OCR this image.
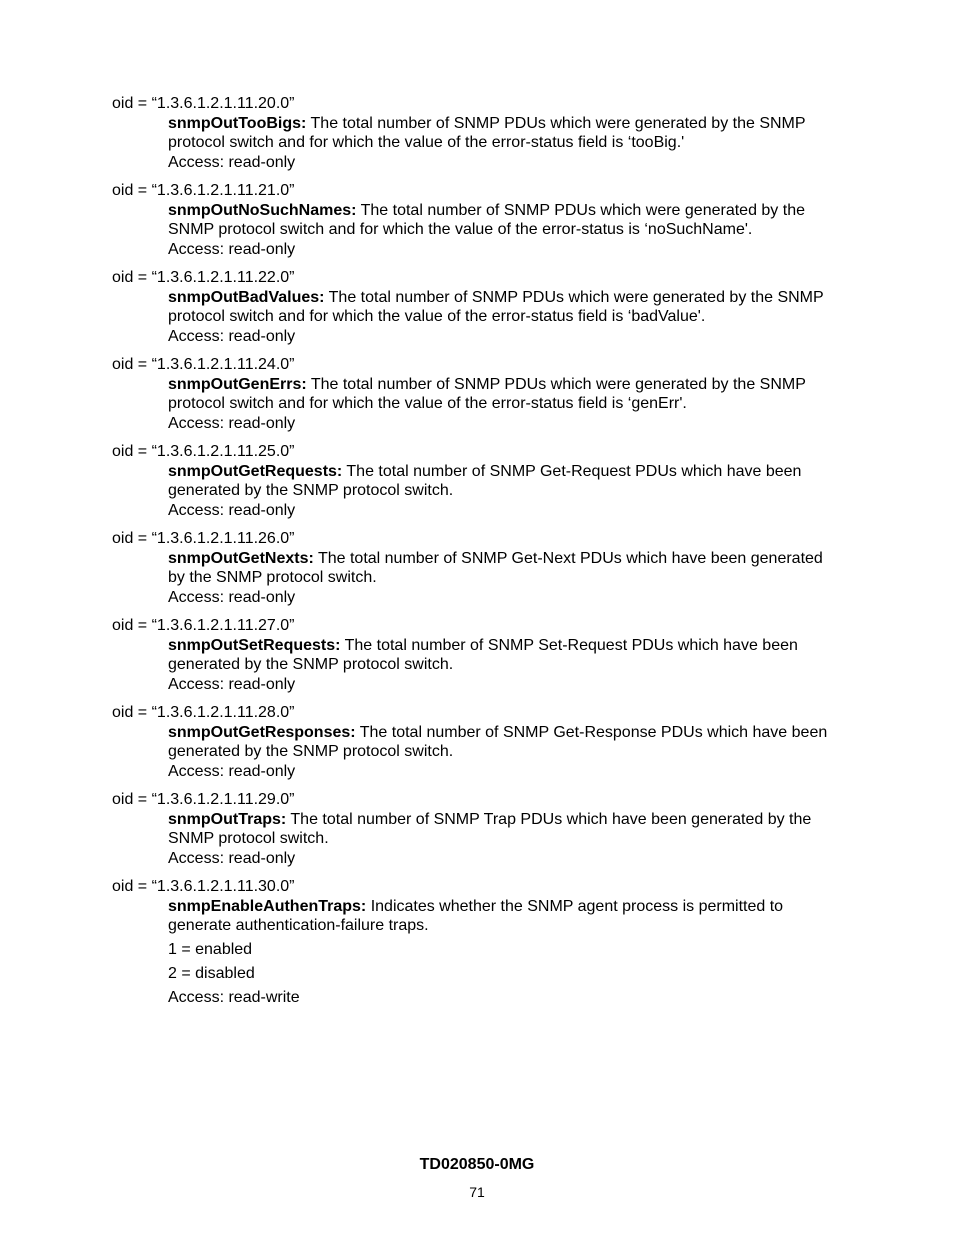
oid = “1.3.6.1.2.1.11.20.0”
snmpOutTooBigs: The total number of SNMP PDUs which were generated by the SNMP protocol switch and for which the value of the error-status field is ‘tooBig.'
Access: read-only
oid = “1.3.6.1.2.1.11.21.0”
snmpOutNoSuchNames: The total number of SNMP PDUs which were generated by the SNMP protocol switch and for which the value of the error-status is ‘noSuchName'.
Access: read-only
oid = “1.3.6.1.2.1.11.22.0”
snmpOutBadValues: The total number of SNMP PDUs which were generated by the SNMP protocol switch and for which the value of the error-status field is ‘badValue'.
Access: read-only
oid = “1.3.6.1.2.1.11.24.0”
snmpOutGenErrs: The total number of SNMP PDUs which were generated by the SNMP protocol switch and for which the value of the error-status field is ‘genErr'.
Access: read-only
oid = “1.3.6.1.2.1.11.25.0”
snmpOutGetRequests: The total number of SNMP Get-Request PDUs which have been generated by the SNMP protocol switch.
Access: read-only
oid = “1.3.6.1.2.1.11.26.0”
snmpOutGetNexts: The total number of SNMP Get-Next PDUs which have been generated by the SNMP protocol switch.
Access: read-only
oid = “1.3.6.1.2.1.11.27.0”
snmpOutSetRequests: The total number of SNMP Set-Request PDUs which have been generated by the SNMP protocol switch.
Access: read-only
oid = “1.3.6.1.2.1.11.28.0”
snmpOutGetResponses: The total number of SNMP Get-Response PDUs which have been generated by the SNMP protocol switch.
Access: read-only
oid = “1.3.6.1.2.1.11.29.0”
snmpOutTraps: The total number of SNMP Trap PDUs which have been generated by the SNMP protocol switch.
Access: read-only
oid = “1.3.6.1.2.1.11.30.0”
snmpEnableAuthenTraps: Indicates whether the SNMP agent process is permitted to generate authentication-failure traps.
1 = enabled
2 = disabled
Access: read-write
TD020850-0MG
71
